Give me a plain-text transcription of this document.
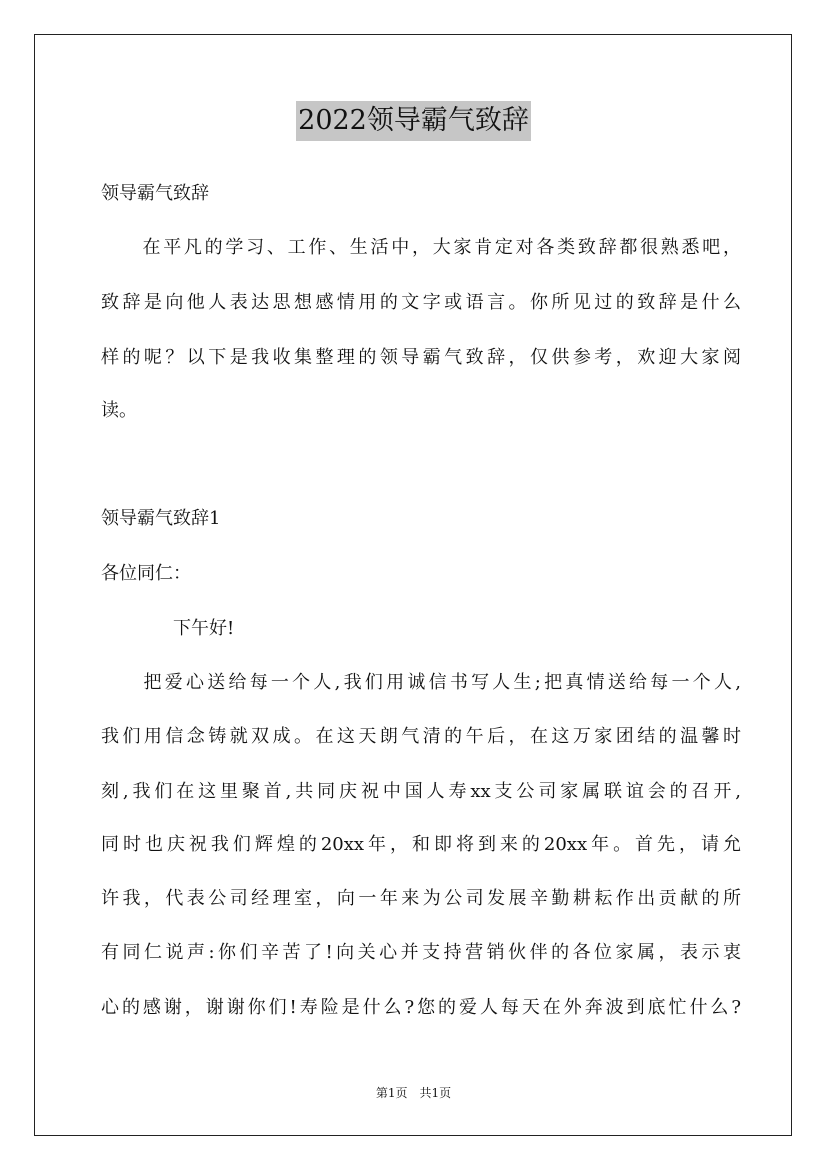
2022领导霸气致辞
领导霸气致辞
　　在平凡的学习、工作、生活中，大家肯定对各类致辞都很熟悉吧，
致辞是向他人表达思想感情用的文字或语言。你所见过的致辞是什么
样的呢？以下是我收集整理的领导霸气致辞，仅供参考，欢迎大家阅
读。
领导霸气致辞1
各位同仁：
　　　　下午好!
　　把爱心送给每一个人,我们用诚信书写人生;把真情送给每一个人,
我们用信念铸就双成。在这天朗气清的午后，在这万家团结的温馨时
刻,我们在这里聚首,共同庆祝中国人寿xx支公司家属联谊会的召开,
同时也庆祝我们辉煌的20xx年，和即将到来的20xx年。首先，请允
许我，代表公司经理室，向一年来为公司发展辛勤耕耘作出贡献的所
有同仁说声:你们辛苦了!向关心并支持营销伙伴的各位家属，表示衷
心的感谢，谢谢你们!寿险是什么?您的爱人每天在外奔波到底忙什么?
第1页　共1页
